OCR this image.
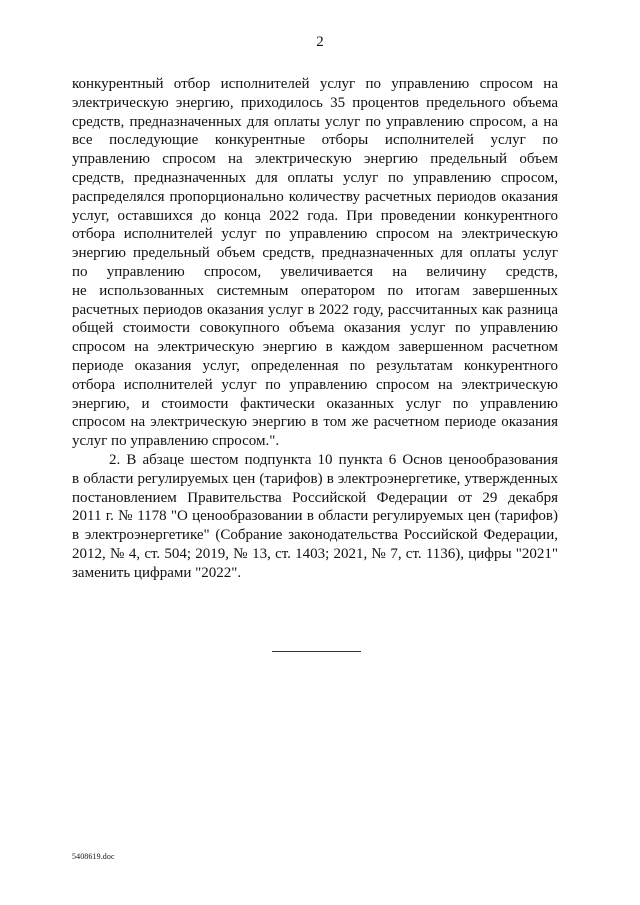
2
конкурентный отбор исполнителей услуг по управлению спросом на
электрическую энергию, приходилось 35 процентов предельного объема
средств, предназначенных для оплаты услуг по управлению спросом, а на
все последующие конкурентные отборы исполнителей услуг по
управлению спросом на электрическую энергию предельный объем
средств, предназначенных для оплаты услуг по управлению спросом,
распределялся пропорционально количеству расчетных периодов оказания
услуг, оставшихся до конца 2022 года. При проведении конкурентного
отбора исполнителей услуг по управлению спросом на электрическую
энергию предельный объем средств, предназначенных для оплаты услуг
по управлению спросом, увеличивается на величину средств,
не использованных системным оператором по итогам завершенных
расчетных периодов оказания услуг в 2022 году, рассчитанных как разница
общей стоимости совокупного объема оказания услуг по управлению
спросом на электрическую энергию в каждом завершенном расчетном
периоде оказания услуг, определенная по результатам конкурентного
отбора исполнителей услуг по управлению спросом на электрическую
энергию, и стоимости фактически оказанных услуг по управлению
спросом на электрическую энергию в том же расчетном периоде оказания
услуг по управлению спросом.".
2. В абзаце шестом подпункта 10 пункта 6 Основ ценообразования
в области регулируемых цен (тарифов) в электроэнергетике, утвержденных
постановлением Правительства Российской Федерации от 29 декабря
2011 г. № 1178 "О ценообразовании в области регулируемых цен (тарифов)
в электроэнергетике" (Собрание законодательства Российской Федерации,
2012, № 4, ст. 504; 2019, № 13, ст. 1403; 2021, № 7, ст. 1136), цифры "2021"
заменить цифрами "2022".
5408619.doc
